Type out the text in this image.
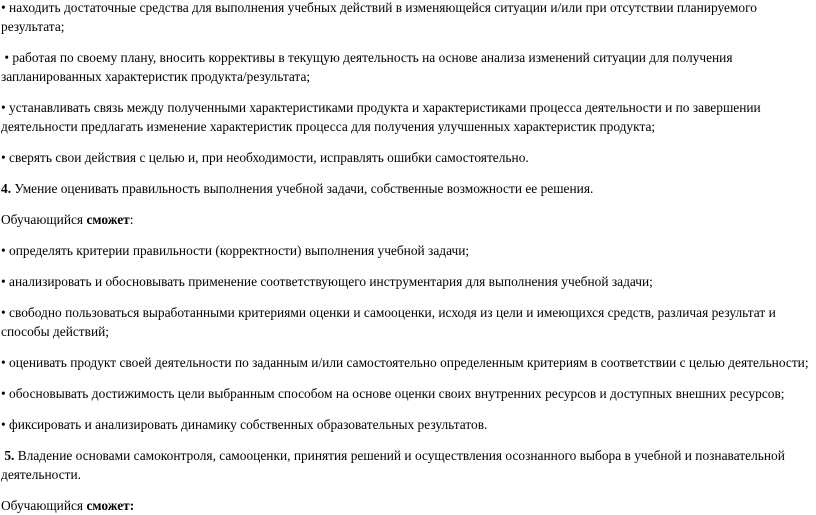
• находить достаточные средства для выполнения учебных действий в изменяющейся ситуации и/или при отсутствии планируемого результата;

• работая по своему плану, вносить коррективы в текущую деятельность на основе анализа изменений ситуации для получения запланированных характеристик продукта/результата;

• устанавливать связь между полученными характеристиками продукта и характеристиками процесса деятельности и по завершении деятельности предлагать изменение характеристик процесса для получения улучшенных характеристик продукта;

• сверять свои действия с целью и, при необходимости, исправлять ошибки самостоятельно.

4. Умение оценивать правильность выполнения учебной задачи, собственные возможности ее решения.

Обучающийся сможет:

• определять критерии правильности (корректности) выполнения учебной задачи;

• анализировать и обосновывать применение соответствующего инструментария для выполнения учебной задачи;

• свободно пользоваться выработанными критериями оценки и самооценки, исходя из цели и имеющихся средств, различая результат и способы действий;

• оценивать продукт своей деятельности по заданным и/или самостоятельно определенным критериям в соответствии с целью деятельности;

• обосновывать достижимость цели выбранным способом на основе оценки своих внутренних ресурсов и доступных внешних ресурсов;

• фиксировать и анализировать динамику собственных образовательных результатов.

5. Владение основами самоконтроля, самооценки, принятия решений и осуществления осознанного выбора в учебной и познавательной деятельности.

Обучающийся сможет:
